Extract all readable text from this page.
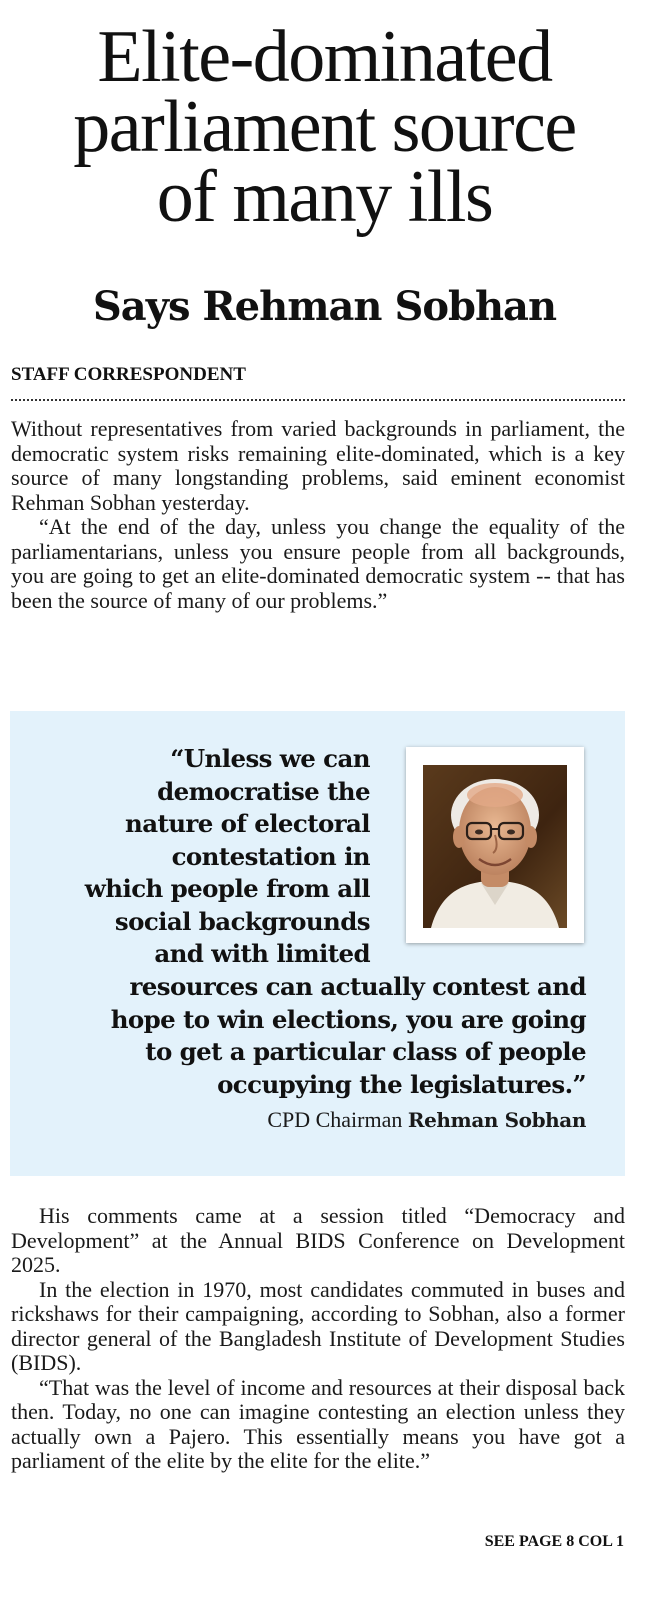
Elite-dominated
parliament source
of many ills
Says Rehman Sobhan
STAFF CORRESPONDENT

Without representatives from varied backgrounds in parliament, the democratic system risks remaining elite-dominated, which is a key source of many longstanding problems, said eminent economist Rehman Sobhan yesterday.

“At the end of the day, unless you change the equality of the parliamentarians, unless you ensure people from all backgrounds, you are going to get an elite-dominated democratic system -- that has been the source of many of our problems.”

“Unless we can
democratise the
nature of electoral
contestation in
which people from all
social backgrounds
and with limited
resources can actually contest and
hope to win elections, you are going
to get a particular class of people
occupying the legislatures.”
CPD Chairman Rehman Sobhan

His comments came at a session titled “Democracy and Development” at the Annual BIDS Conference on Development 2025.

In the election in 1970, most candidates commuted in buses and rickshaws for their campaigning, according to Sobhan, also a former director general of the Bangladesh Institute of Development Studies (BIDS).

“That was the level of income and resources at their disposal back then. Today, no one can imagine contesting an election unless they actually own a Pajero. This essentially means you have got a parliament of the elite by the elite for the elite.”

SEE PAGE 8 COL 1
